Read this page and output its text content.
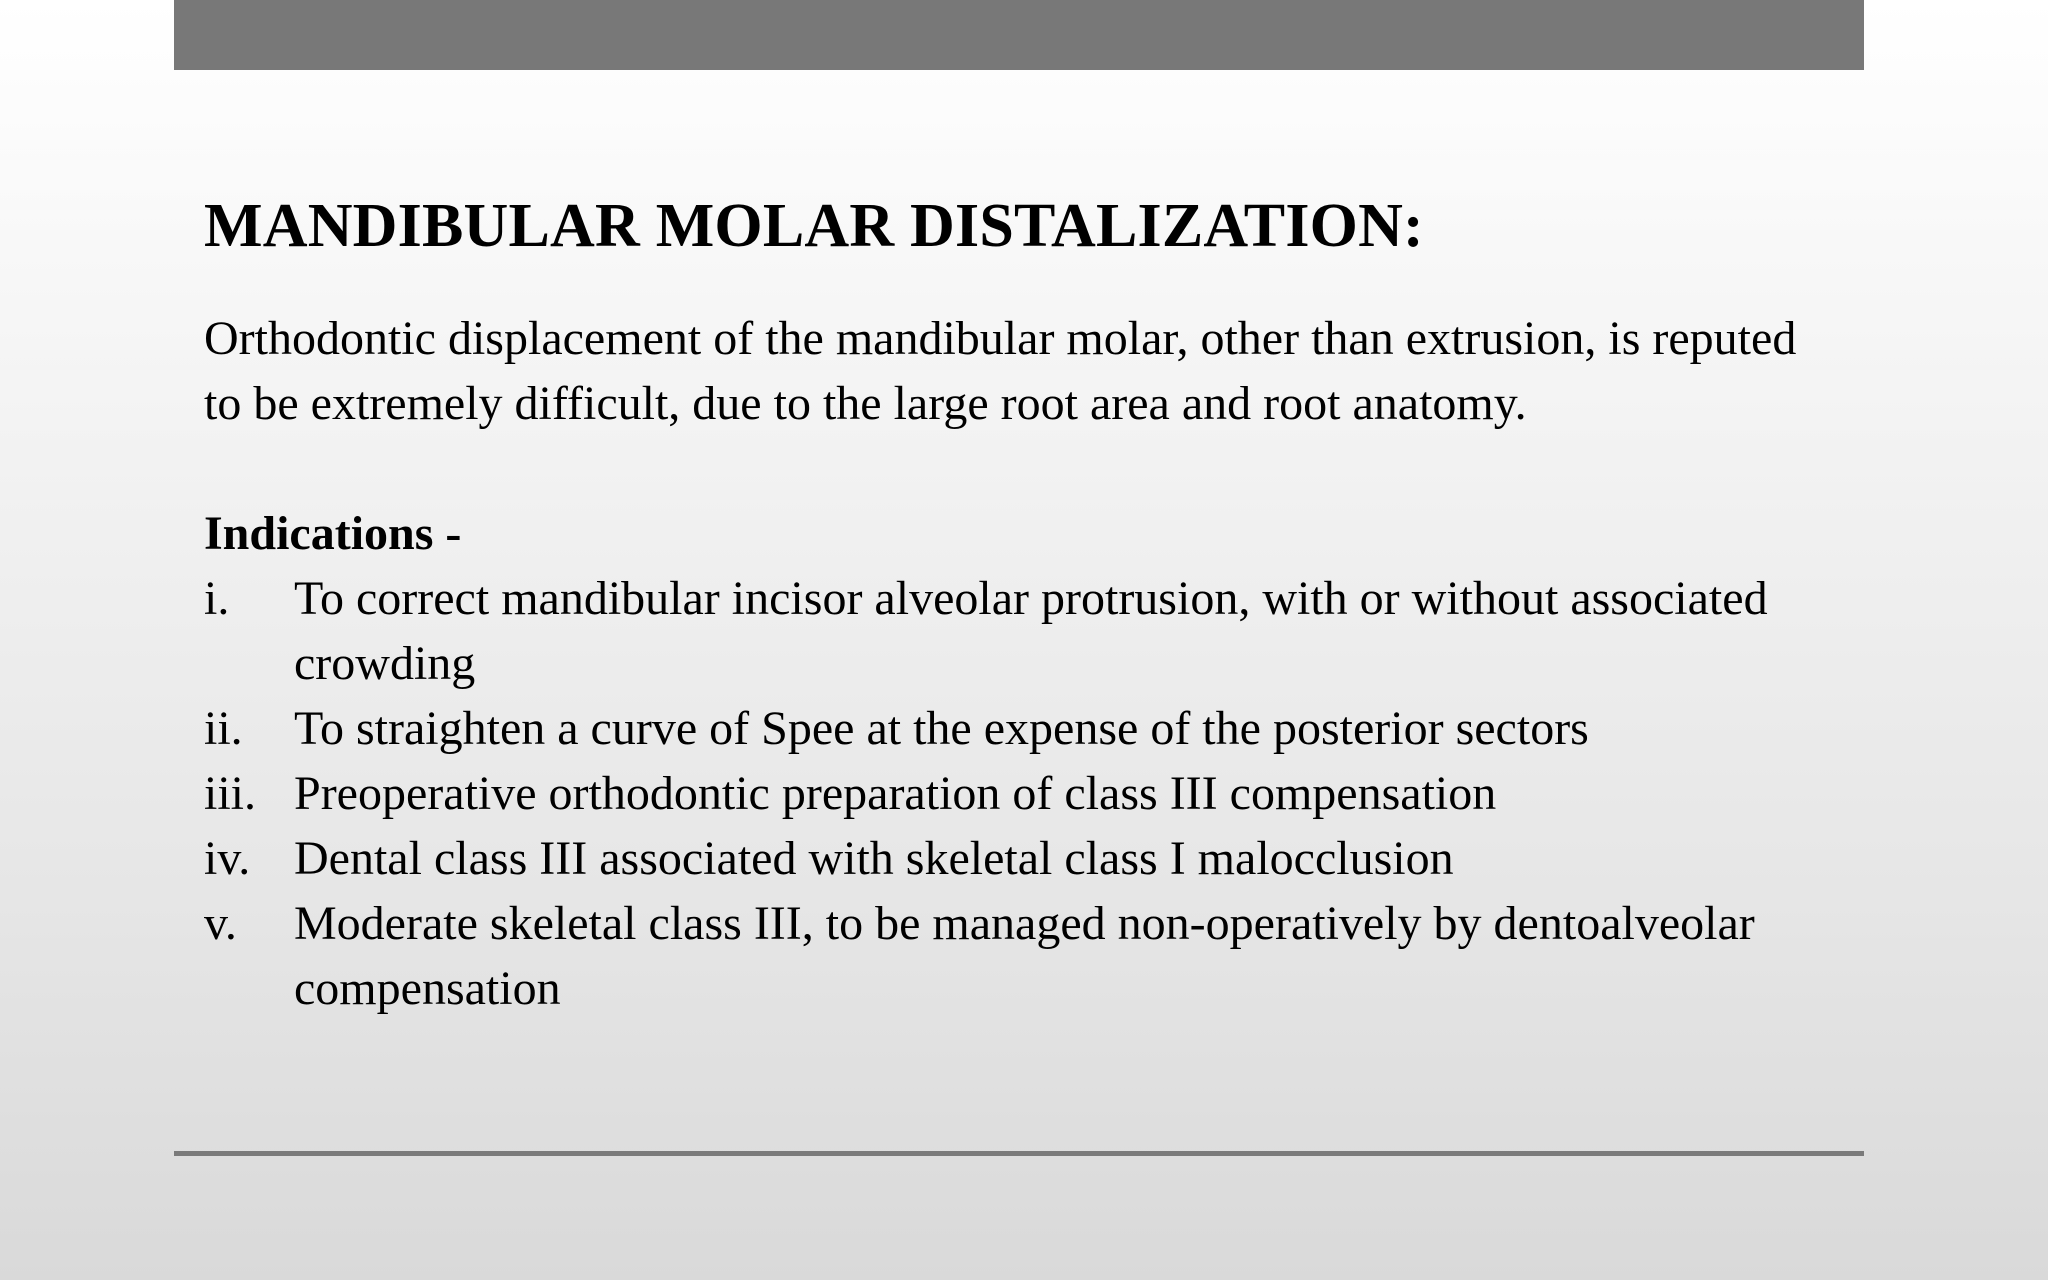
MANDIBULAR MOLAR DISTALIZATION:

Orthodontic displacement of the mandibular molar, other than extrusion, is reputed to be extremely difficult, due to the large root area and root anatomy.

Indications -

i.	To correct mandibular incisor alveolar protrusion, with or without associated crowding
ii.	To straighten a curve of Spee at the expense of the posterior sectors
iii. Preoperative orthodontic preparation of class III compensation
iv. Dental class III associated with skeletal class I malocclusion
v.	Moderate skeletal class III, to be managed non-operatively by dentoalveolar compensation
